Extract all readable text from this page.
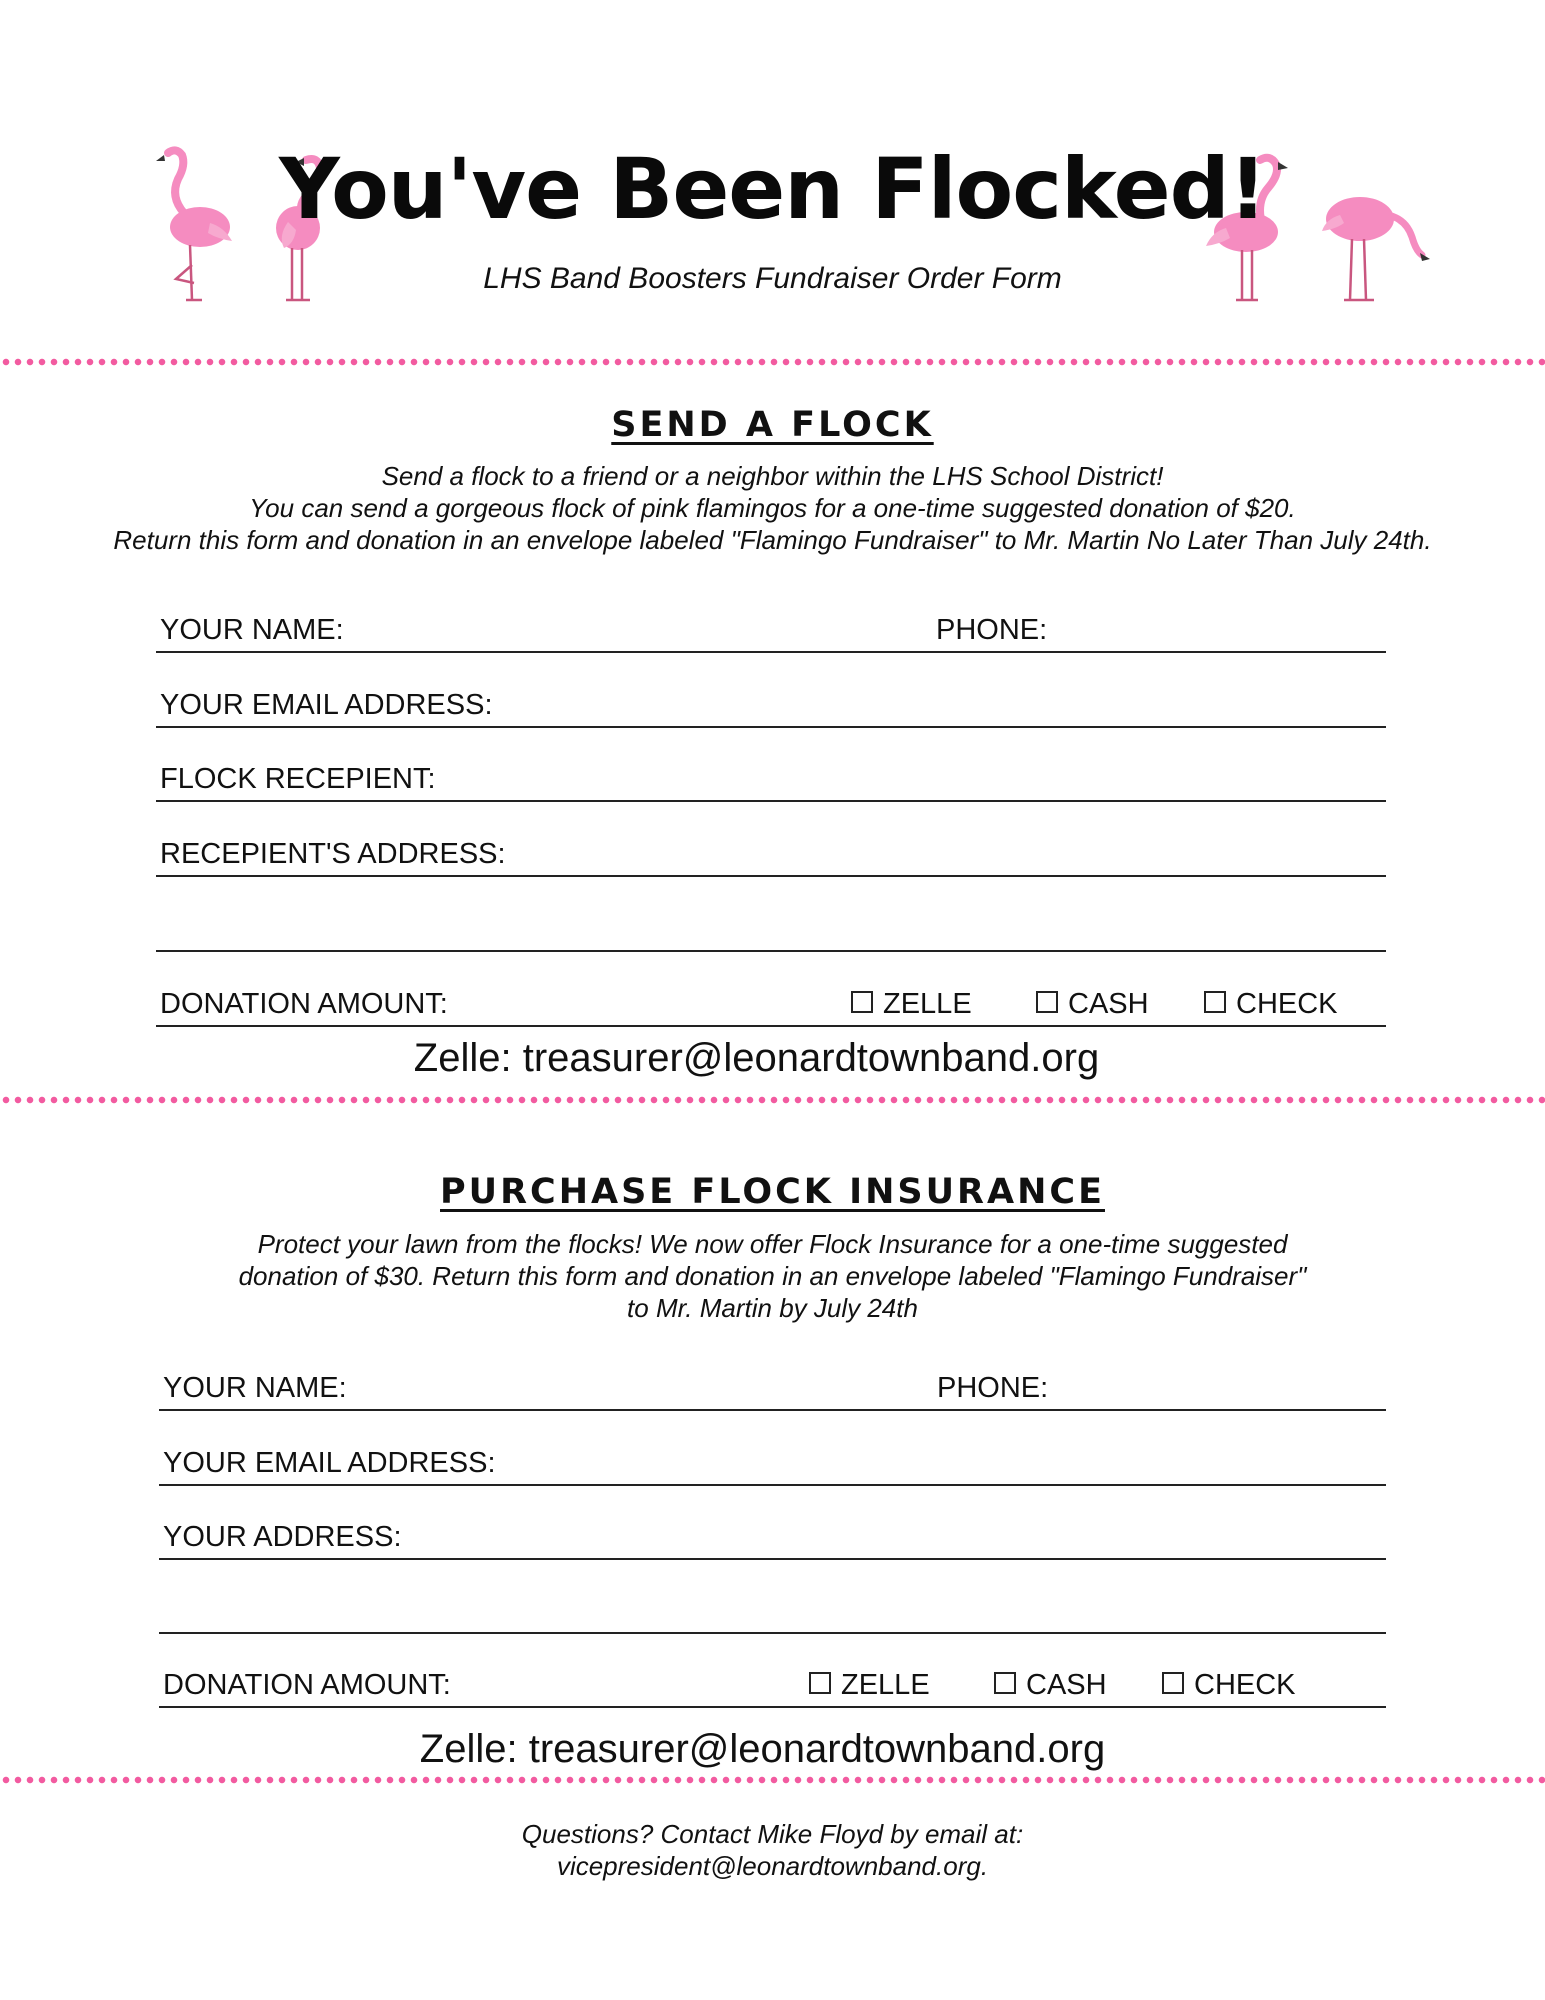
You've Been Flocked!
LHS Band Boosters Fundraiser Order Form
SEND A FLOCK
Send a flock to a friend or a neighbor within the LHS School District!
You can send a gorgeous flock of pink flamingos for a one-time suggested donation of $20.
Return this form and donation in an envelope labeled "Flamingo Fundraiser" to Mr. Martin No Later Than July 24th.
YOUR NAME:	PHONE:
YOUR EMAIL ADDRESS:
FLOCK RECEPIENT:
RECEPIENT'S ADDRESS:
DONATION AMOUNT:	ZELLE	CASH	CHECK
Zelle: treasurer@leonardtownband.org
PURCHASE FLOCK INSURANCE
Protect your lawn from the flocks! We now offer Flock Insurance for a one-time suggested
donation of $30. Return this form and donation in an envelope labeled "Flamingo Fundraiser"
to Mr. Martin by July 24th
YOUR NAME:	PHONE:
YOUR EMAIL ADDRESS:
YOUR ADDRESS:
DONATION AMOUNT:	ZELLE	CASH	CHECK
Zelle: treasurer@leonardtownband.org
Questions? Contact Mike Floyd by email at:
vicepresident@leonardtownband.org.
